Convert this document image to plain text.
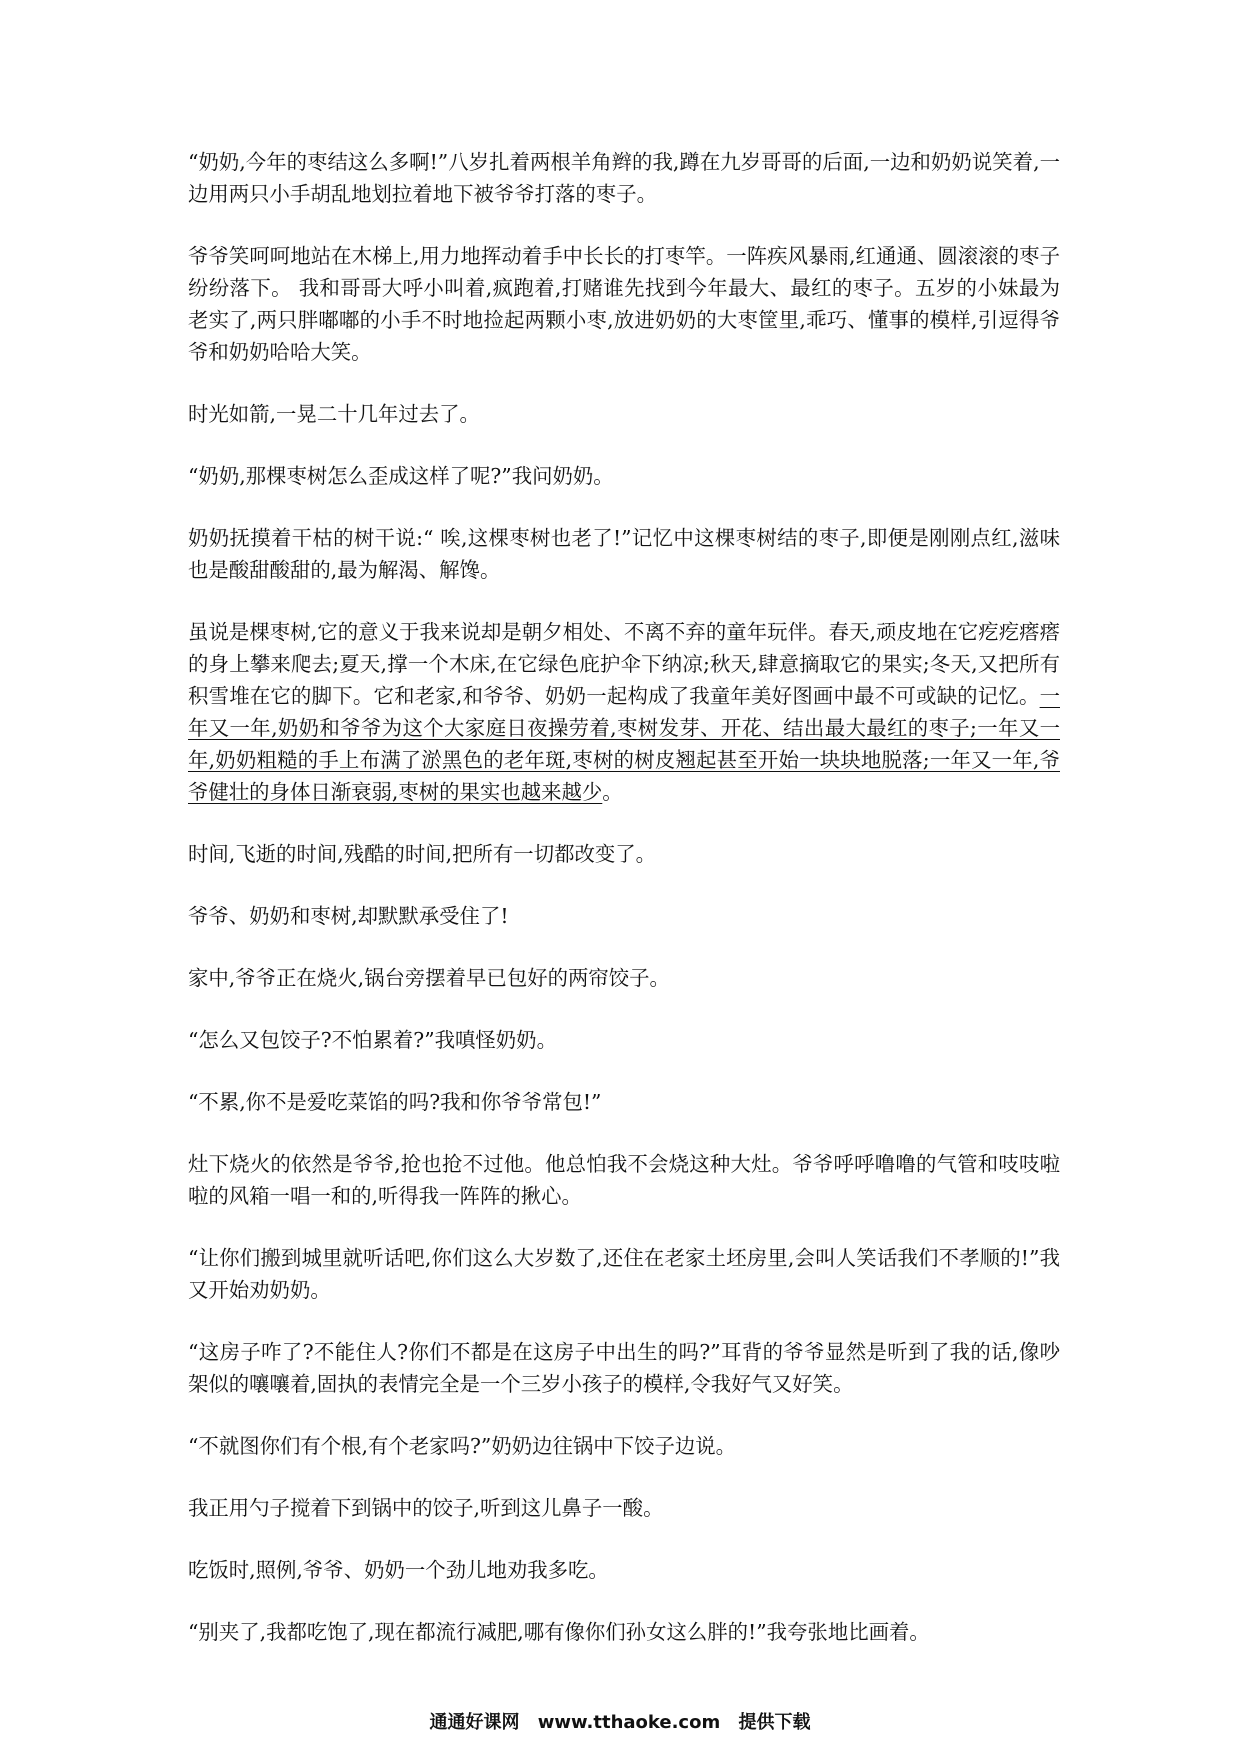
“奶奶,今年的枣结这么多啊!”八岁扎着两根羊角辫的我,蹲在九岁哥哥的后面,一边和奶奶说笑着,一边用两只小手胡乱地划拉着地下被爷爷打落的枣子。

爷爷笑呵呵地站在木梯上,用力地挥动着手中长长的打枣竿。一阵疾风暴雨,红通通、圆滚滚的枣子纷纷落下。 我和哥哥大呼小叫着,疯跑着,打赌谁先找到今年最大、最红的枣子。五岁的小妹最为老实了,两只胖嘟嘟的小手不时地捡起两颗小枣,放进奶奶的大枣筐里,乖巧、懂事的模样,引逗得爷爷和奶奶哈哈大笑。

时光如箭,一晃二十几年过去了。

“奶奶,那棵枣树怎么歪成这样了呢?”我问奶奶。

奶奶抚摸着干枯的树干说:“ 唉,这棵枣树也老了!”记忆中这棵枣树结的枣子,即便是刚刚点红,滋味也是酸甜酸甜的,最为解渴、解馋。

虽说是棵枣树,它的意义于我来说却是朝夕相处、不离不弃的童年玩伴。春天,顽皮地在它疙疙瘩瘩的身上攀来爬去;夏天,撑一个木床,在它绿色庇护伞下纳凉;秋天,肆意摘取它的果实;冬天,又把所有积雪堆在它的脚下。它和老家,和爷爷、奶奶一起构成了我童年美好图画中最不可或缺的记忆。一年又一年,奶奶和爷爷为这个大家庭日夜操劳着,枣树发芽、开花、结出最大最红的枣子;一年又一年,奶奶粗糙的手上布满了淤黑色的老年斑,枣树的树皮翘起甚至开始一块块地脱落;一年又一年,爷爷健壮的身体日渐衰弱,枣树的果实也越来越少。

时间,飞逝的时间,残酷的时间,把所有一切都改变了。

爷爷、奶奶和枣树,却默默承受住了!

家中,爷爷正在烧火,锅台旁摆着早已包好的两帘饺子。

“怎么又包饺子?不怕累着?”我嗔怪奶奶。

“不累,你不是爱吃菜馅的吗?我和你爷爷常包!”

灶下烧火的依然是爷爷,抢也抢不过他。他总怕我不会烧这种大灶。爷爷呼呼噜噜的气管和吱吱啦啦的风箱一唱一和的,听得我一阵阵的揪心。

“让你们搬到城里就听话吧,你们这么大岁数了,还住在老家土坯房里,会叫人笑话我们不孝顺的!”我又开始劝奶奶。

“这房子咋了?不能住人?你们不都是在这房子中出生的吗?”耳背的爷爷显然是听到了我的话,像吵架似的嚷嚷着,固执的表情完全是一个三岁小孩子的模样,令我好气又好笑。

“不就图你们有个根,有个老家吗?”奶奶边往锅中下饺子边说。

我正用勺子搅着下到锅中的饺子,听到这儿鼻子一酸。

吃饭时,照例,爷爷、奶奶一个劲儿地劝我多吃。

“别夹了,我都吃饱了,现在都流行减肥,哪有像你们孙女这么胖的!”我夸张地比画着。

通通好课网 www.tthaoke.com 提供下载
